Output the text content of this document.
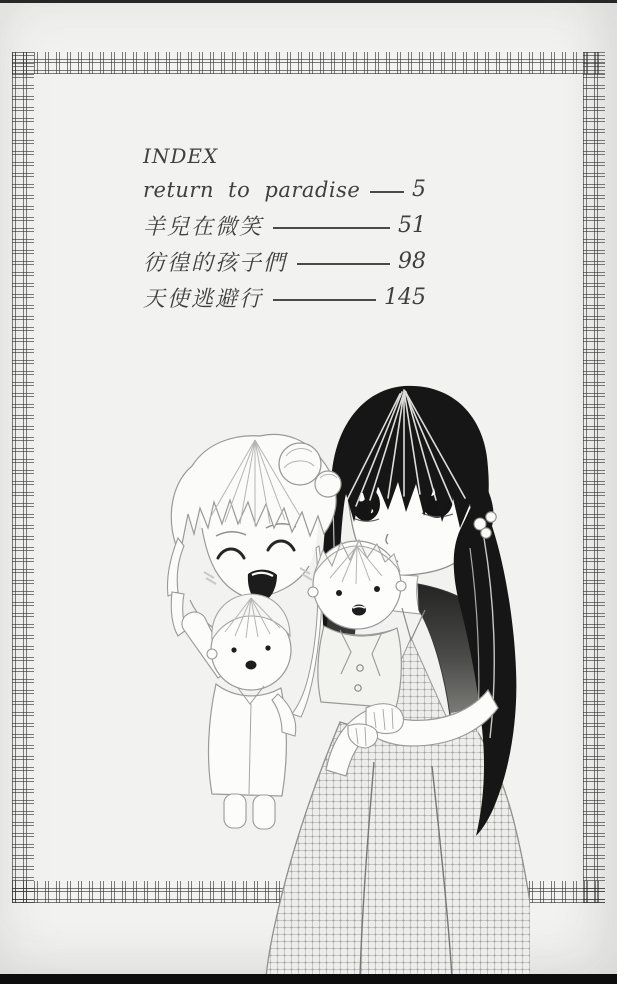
INDEX
return to paradise 5
羊兒在微笑	51
彷徨的孩子們	98
天使逃避行	145
